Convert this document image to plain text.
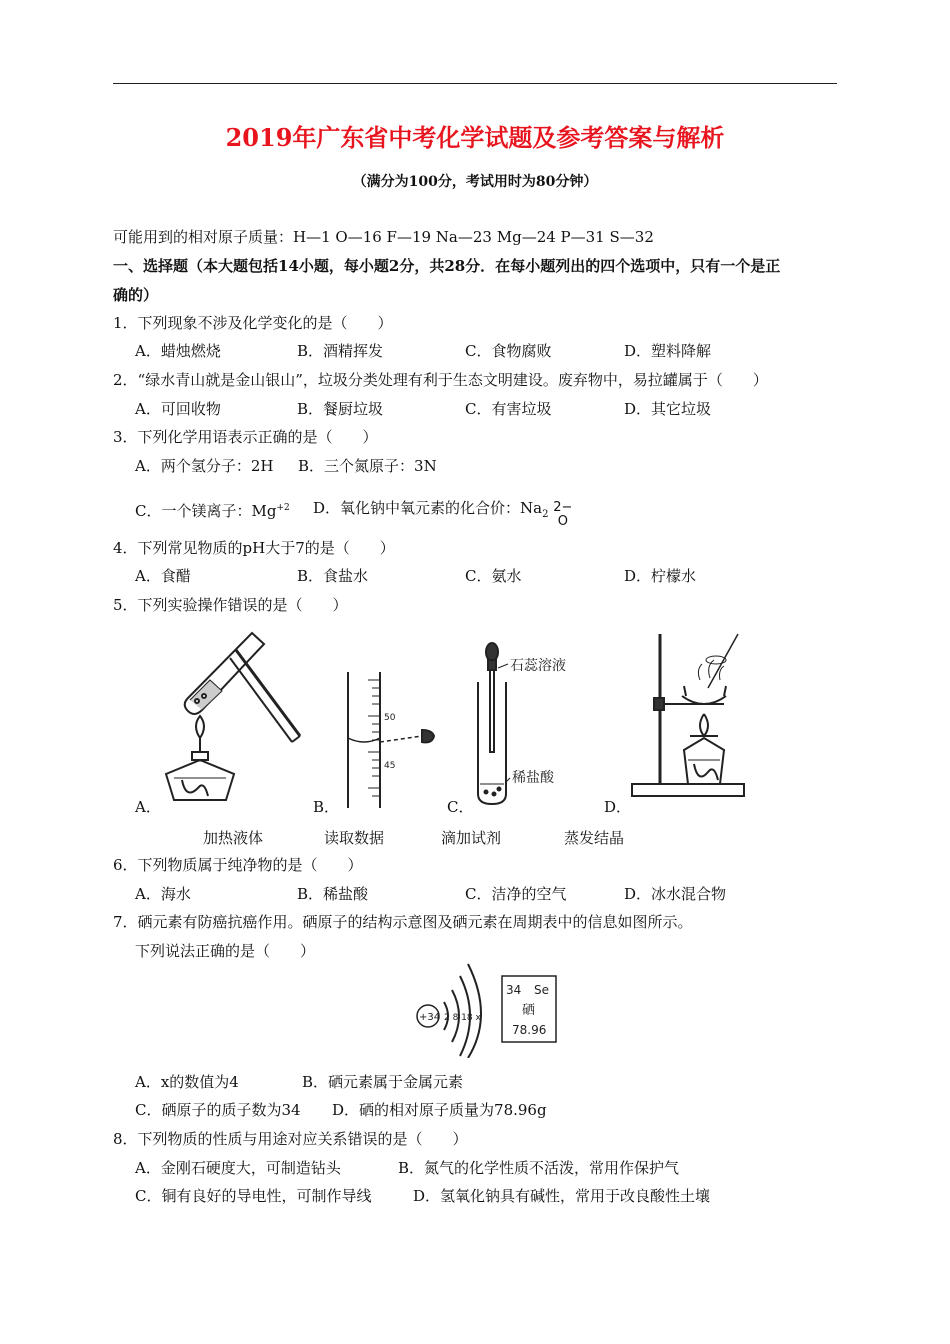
2019年广东省中考化学试题及参考答案与解析
（满分为100分，考试用时为80分钟）
可能用到的相对原子质量：H—1 O—16 F—19 Na—23 Mg—24 P—31 S—32
一、选择题（本大题包括14小题，每小题2分，共28分．在每小题列出的四个选项中，只有一个是正
确的）
1．下列现象不涉及化学变化的是（　　）
A．蜡烛燃烧	B．酒精挥发	C．食物腐败	D．塑料降解
2．“绿水青山就是金山银山”，垃圾分类处理有利于生态文明建设。废弃物中，易拉罐属于（　　）
A．可回收物	B．餐厨垃圾	C．有害垃圾	D．其它垃圾
3．下列化学用语表示正确的是（　　）
A．两个氢分子：2H B．三个氮原子：3N
C．一个镁离子：$Mg^{+2}$ D．氧化钠中氧元素的化合价：$Na_2$ 2−
O
4．下列常见物质的pH大于7的是（　　）
A．食醋	B．食盐水	C．氨水	D．柠檬水
5．下列实验操作错误的是（　　）
50
45
石蕊溶液
稀盐酸
A．	B．	C．	D．
加热液体	读取数据	滴加试剂	蒸发结晶
6．下列物质属于纯净物的是（　　）
A．海水	B．稀盐酸	C．洁净的空气	D．冰水混合物
7．硒元素有防癌抗癌作用。硒原子的结构示意图及硒元素在周期表中的信息如图所示。
下列说法正确的是（　　）
+34 2 8 18 x
34 Se
硒
78.96
A．x的数值为4	B．硒元素属于金属元素
C．硒原子的质子数为34 D．硒的相对原子质量为78.96g
8．下列物质的性质与用途对应关系错误的是（　　）
A．金刚石硬度大，可制造钻头	B．氮气的化学性质不活泼，常用作保护气
C．铜有良好的导电性，可制作导线	D．氢氧化钠具有碱性，常用于改良酸性土壤
